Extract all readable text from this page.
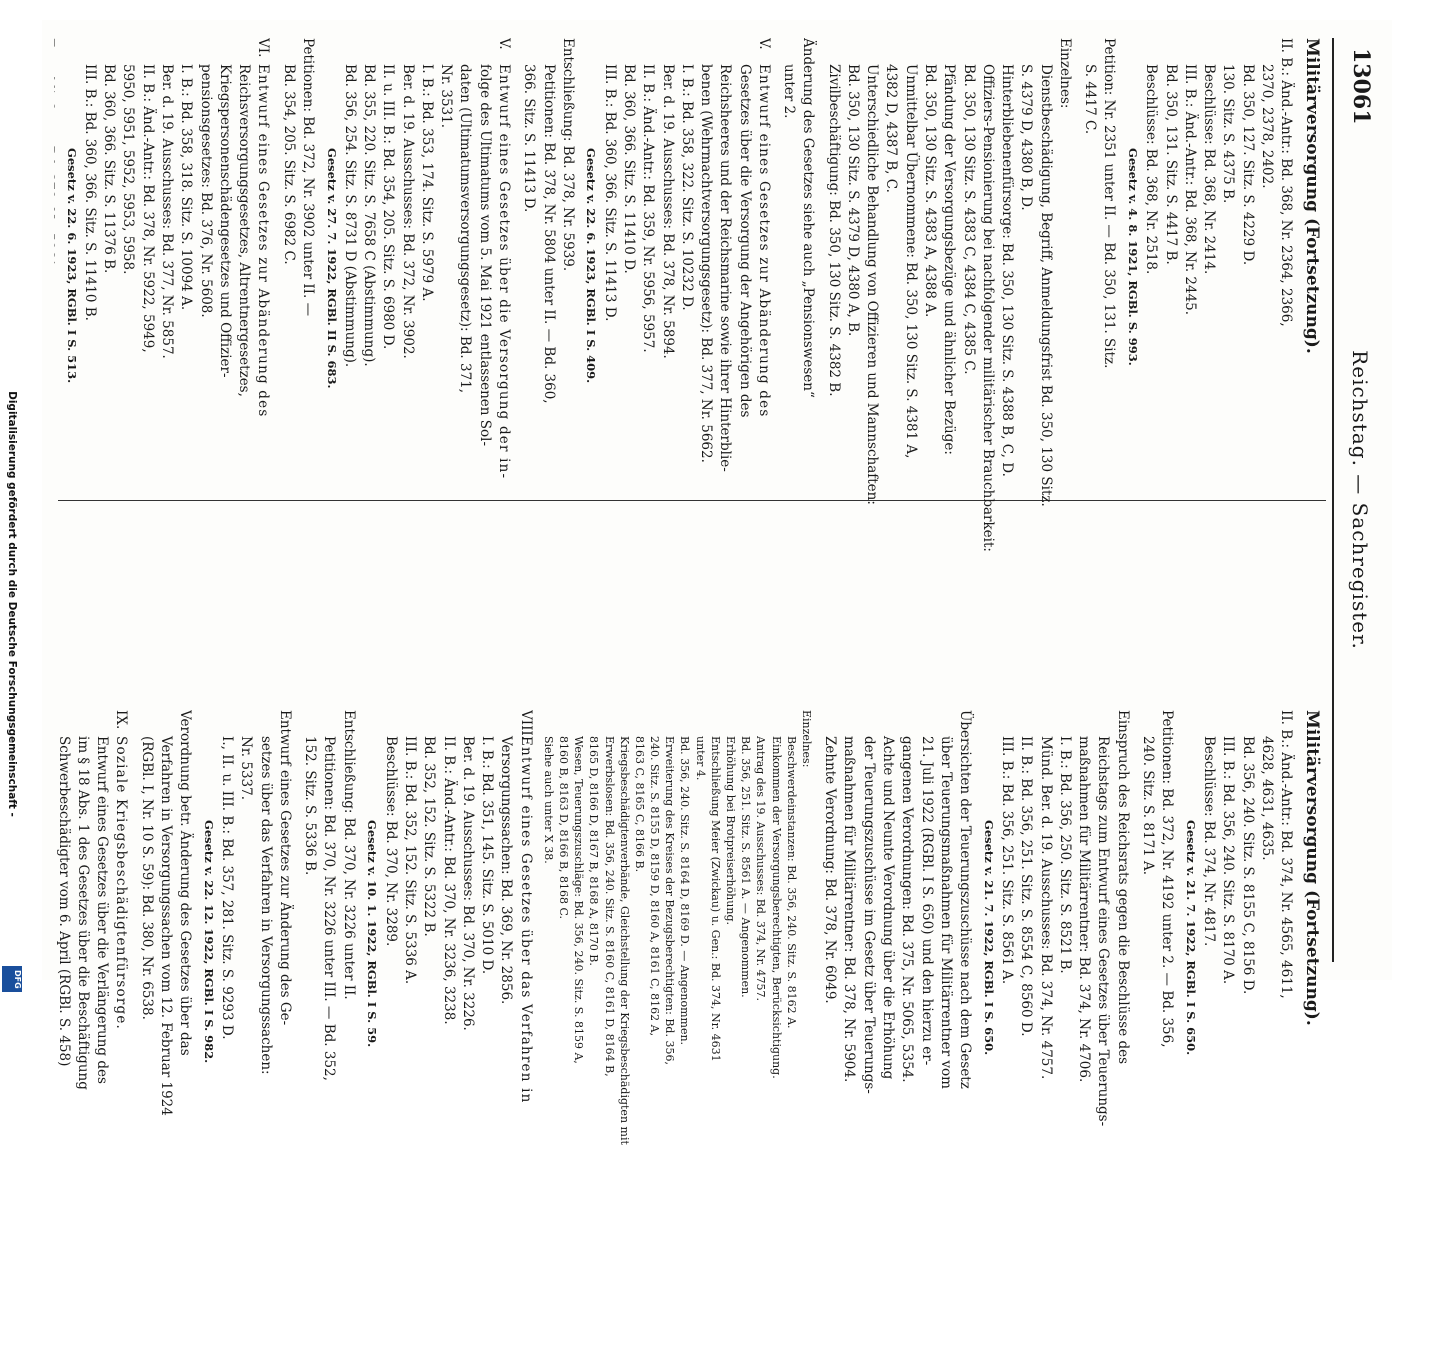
Digitalisierung gefördert durch die Deutsche Forschungsgemeinschaft -
DFG
13061
Reichstag. — Sachregister.
Militärversorgung (Fortsetzung).

II. B.: Änd.-Antr.: Bd. 368, Nr. 2364, 2366,

2370, 2378, 2402.

Bd. 350, 127. Sitz. S. 4229 D.

130. Sitz. S. 4375 B.

Beschlüsse: Bd. 368, Nr. 2414.

III. B.: Änd.-Antr.: Bd. 368, Nr. 2445.

Bd. 350, 131. Sitz. S. 4417 B.

Beschlüsse: Bd. 368, Nr. 2518.

Gesetz v. 4. 8. 1921, RGBl. S. 993.

Petition: Nr. 2351 unter II. — Bd. 350, 131. Sitz.

S. 4417 C.

Einzelnes:

Dienstbeschädigung, Begriff, Anmeldungsfrist Bd. 350, 130 Sitz.

S. 4379 D, 4380 B, D.

Hinterbliebenenfürsorge: Bd. 350, 130 Sitz. S. 4388 B, C, D.

Offiziers-Pensionierung bei nachfolgender militärischer Brauchbarkeit:

Bd. 350, 130 Sitz. S. 4383 C, 4384 C, 4385 C.

Pfändung der Versorgungsbezüge und ähnlicher Bezüge:

Bd. 350, 130 Sitz. S. 4383 A, 4388 A.

Unmittelbar Übernommene: Bd. 350, 130 Sitz. S. 4381 A,

4382 D, 4387 B, C.

Unterschiedliche Behandlung von Offizieren und Mannschaften:

Bd. 350, 130 Sitz. S. 4379 D, 4380 A, B.

Zivilbeschäftigung: Bd. 350, 130 Sitz. S. 4382 B.

Änderung des Gesetzes siehe auch „Pensionswesen“

unter 2.

V.Entwurf eines Gesetzes zur Abänderung des

Gesetzes über die Versorgung der Angehörigen des

Reichsheeres und der Reichsmarine sowie ihrer Hinterblie-

benen (Wehrmachtversorgungsgesetz): Bd. 377, Nr. 5662.

I. B.: Bd. 358, 322. Sitz. S. 10232 D.

Ber. d. 19. Ausschusses: Bd. 378, Nr. 5894.

II. B.: Änd.-Antr.: Bd. 359, Nr. 5956, 5957.

Bd. 360, 366. Sitz. S. 11410 D.

III. B.: Bd. 360, 366. Sitz. S. 11413 D.

Gesetz v. 22. 6. 1923, RGBl. I S. 409.

Entschließung: Bd. 378, Nr. 5939.

Petitionen: Bd. 378, Nr. 5804 unter II. — Bd. 360,

366. Sitz. S. 11413 D.

V.Entwurf eines Gesetzes über die Versorgung der in-

folge des Ultimatums vom 5. Mai 1921 entlassenen Sol-

daten (Ultimatumsversorgungsgesetz): Bd. 371,

Nr. 3531.

I. B.: Bd. 353, 174. Sitz. S. 5979 A.

Ber. d. 19. Ausschusses: Bd. 372, Nr. 3902.

II. u. III. B.: Bd. 354, 205. Sitz. S. 6980 D.

Bd. 355, 220. Sitz. S. 7658 C (Abstimmung).

Bd. 356, 254. Sitz. S. 8731 D (Abstimmung).

Gesetz v. 27. 7. 1922, RGBl. II S. 683.

Petitionen: Bd. 372, Nr. 3902 unter II. —

Bd. 354, 205. Sitz. S. 6982 C.

VI.Entwurf eines Gesetzes zur Abänderung des

Reichsversorgungsgesetzes, Altrentnergesetzes,

Kriegspersonenschädengesetzes und Offizier-

pensionsgesetzes: Bd. 376, Nr. 5608.

I. B.: Bd. 358, 318. Sitz. S. 10094 A.

Ber. d. 19. Ausschusses: Bd. 377, Nr. 5857.

II. B.: Änd.-Antr.: Bd. 378, Nr. 5922, 5949,

5950, 5951, 5952, 5953, 5958.

Bd. 360, 366. Sitz. S. 11376 B.

III. B.: Bd. 360, 366. Sitz. S. 11410 B.

Gesetz v. 22. 6. 1923, RGBl. I S. 513.

Militärversorgung (Fortsetzung).

II. B.: Änd.-Antr.: Bd. 374, Nr. 4565, 4611,

4628, 4631, 4635.

Bd. 356, 240. Sitz. S. 8155 C, 8156 D.

III. B.: Bd. 356, 240. Sitz. S. 8170 A.

Beschlüsse: Bd. 374, Nr. 4817.

Gesetz v. 21. 7. 1922, RGBl. I S. 650.

Petitionen: Bd. 372, Nr. 4192 unter 2. — Bd. 356,

240. Sitz. S. 8171 A.

Einspruch des Reichsrats gegen die Beschlüsse des

Reichstags zum Entwurf eines Gesetzes über Teuerungs-

maßnahmen für Militärrentner: Bd. 374, Nr. 4706.

I. B.: Bd. 356, 250. Sitz. S. 8521 B.

Münd. Ber. d. 19. Ausschusses: Bd. 374, Nr. 4757.

II. B.: Bd. 356, 251. Sitz. S. 8554 C, 8560 D.

III. B.: Bd. 356, 251. Sitz. S. 8561 A.

Gesetz v. 21. 7. 1922, RGBl. I S. 650.

Übersichten der Teuerungszuschüsse nach dem Gesetz

über Teuerungsmaßnahmen für Militärrentner vom

21. Juli 1922 (RGBl. I S. 650) und den hierzu er-

gangenen Verordnungen: Bd. 375, Nr. 5065, 5354.

Achte und Neunte Verordnung über die Erhöhung

der Teuerungszuschüsse im Gesetz über Teuerungs-

maßnahmen für Militärrentner: Bd. 378, Nr. 5904.

Zehnte Verordnung: Bd. 378, Nr. 6049.

Einzelnes:

Beschwerdeinstanzen: Bd. 356, 240. Sitz. S. 8162 A.

Einkommen der Versorgungsberechtigten, Berücksichtigung.

Antrag des 19. Ausschusses: Bd. 374, Nr. 4757.

Bd. 356, 251. Sitz. S. 8561 A. — Angenommen.

Erhöhung bei Brotpreiserhöhung.

Entschließung Meier (Zwickau) u. Gen.: Bd. 374, Nr. 4631

unter 4.

Bd. 356, 240. Sitz. S. 8164 D, 8169 D. — Angenommen.

Erweiterung des Kreises der Bezugsberechtigten: Bd. 356,

240. Sitz. S. 8155 D, 8159 D, 8160 A, 8161 C, 8162 A,

8163 C, 8165 C, 8166 B.

Kriegsbeschädigtenverbände, Gleichstellung der Kriegsbeschädigten mit

Erwerbslosen: Bd. 356, 240. Sitz. S. 8160 C, 8161 D, 8164 B,

8165 D, 8166 D, 8167 B, 8168 A, 8170 B.

Wesen, Teuerungszuschläge: Bd. 356, 240. Sitz. S. 8159 A,

8160 B, 8163 D, 8166 B, 8168 C.

Siehe auch unter X 38.

VIII.Entwurf eines Gesetzes über das Verfahren in

Versorgungssachen: Bd. 369, Nr. 2856.

I. B.: Bd. 351, 145. Sitz. S. 5010 D.

Ber. d. 19. Ausschusses: Bd. 370, Nr. 3226.

II. B.: Änd.-Antr.: Bd. 370, Nr. 3236, 3238.

Bd. 352, 152. Sitz. S. 5322 B.

III. B.: Bd. 352, 152. Sitz. S. 5336 A.

Beschlüsse: Bd. 370, Nr. 3289.

Gesetz v. 10. 1. 1922, RGBl. I S. 59.

Entschließung: Bd. 370, Nr. 3226 unter II.

Petitionen: Bd. 370, Nr. 3226 unter III. — Bd. 352,

152. Sitz. S. 5336 B.

Entwurf eines Gesetzes zur Änderung des Ge-

setzes über das Verfahren in Versorgungssachen:

Nr. 5337.

I., II. u. III. B.: Bd. 357, 281. Sitz. S. 9293 D.

Gesetz v. 22. 12. 1922, RGBl. I S. 982.

Verordnung betr. Änderung des Gesetzes über das

Verfahren in Versorgungssachen vom 12. Februar 1924

(RGBl. I, Nr. 10 S. 59): Bd. 380, Nr. 6538.

IX.Soziale Kriegsbeschädigtenfürsorge.

Entwurf eines Gesetzes über die Verlängerung des

im § 18 Abs. 1 des Gesetzes über die Beschäftigung

Schwerbeschädigter vom 6. April (RGBl. S. 458)
